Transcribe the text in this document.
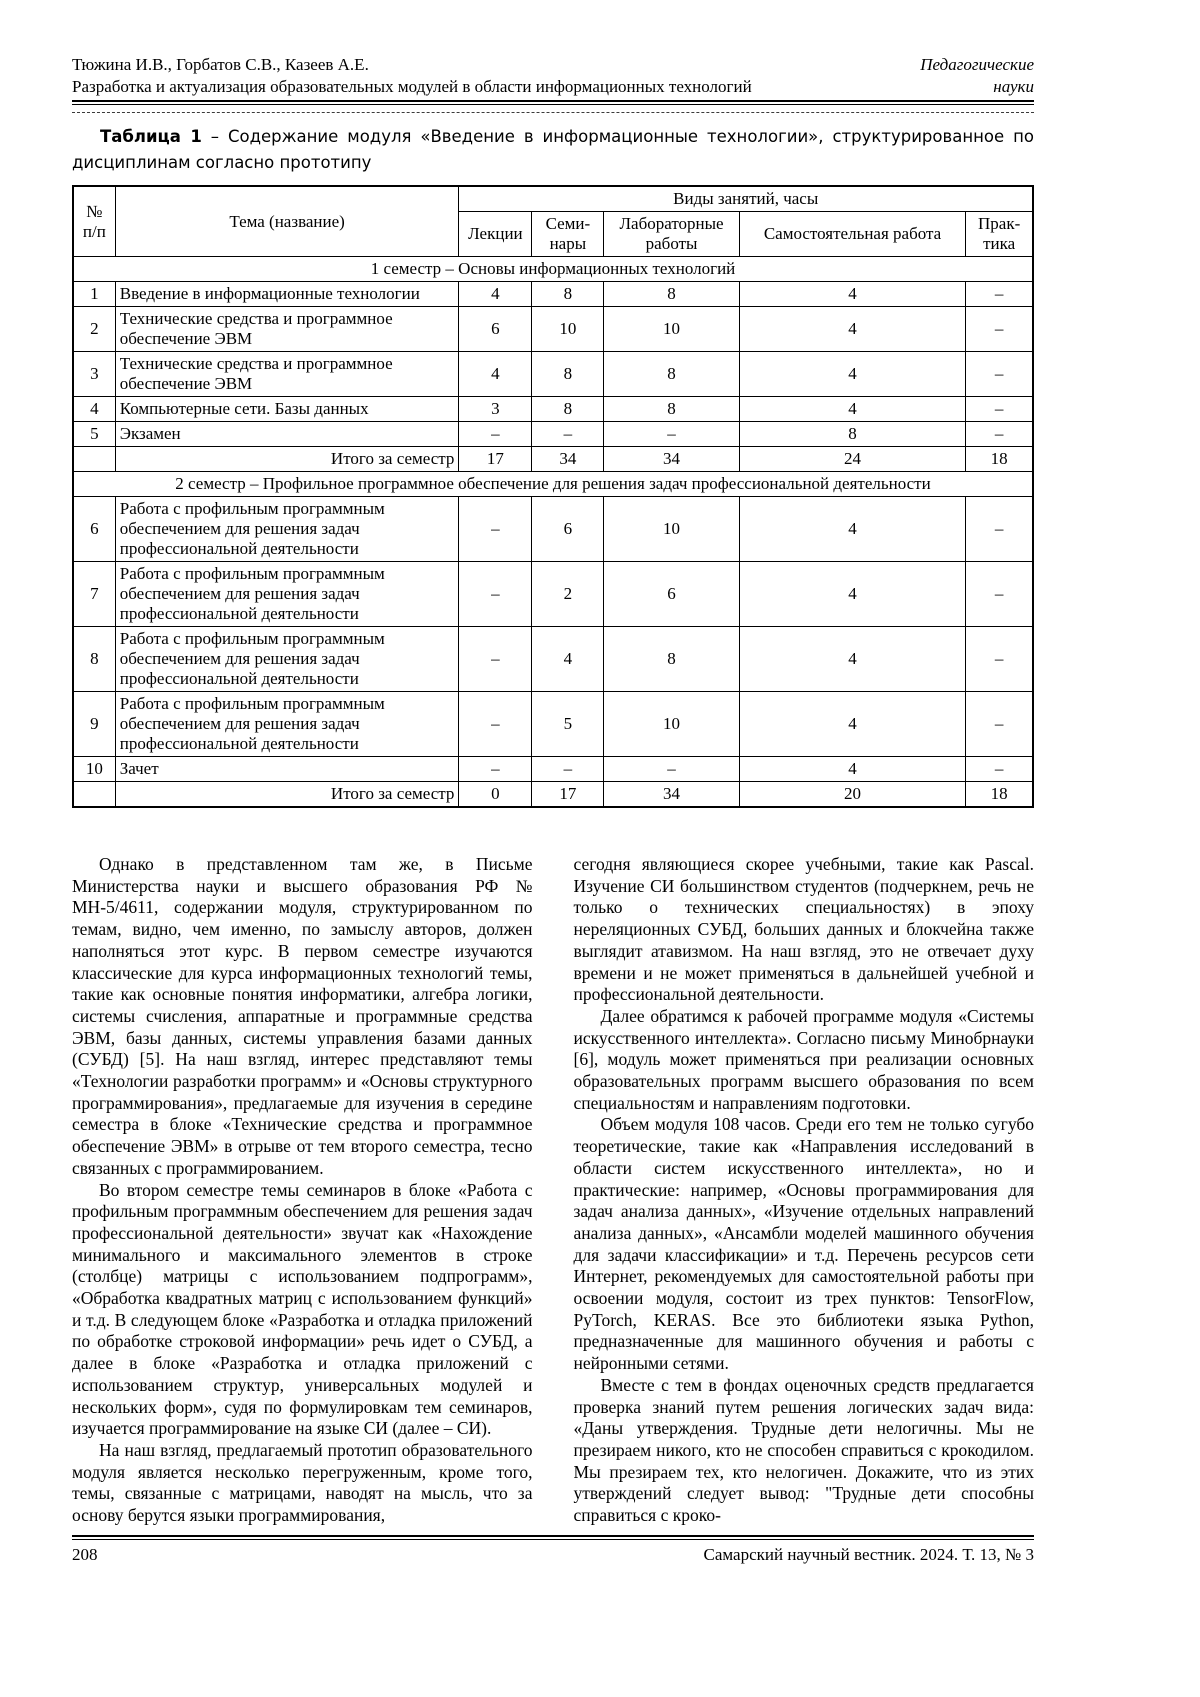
Тюжина И.В., Горбатов С.В., Казеев А.Е.
Разработка и актуализация образовательных модулей в области информационных технологий
Педагогические
науки

Таблица 1 – Содержание модуля «Введение в информационные технологии», структурированное по дисциплинам согласно прототипу

№ п/п	Тема (название)	Виды занятий, часы				
		Лекции	Семи-нары	Лабораторные работы	Самостоятельная работа	Прак-тика
1 семестр – Основы информационных технологий						
1	Введение в информационные технологии	4	8	8	4	–
2	Технические средства и программное обеспечение ЭВМ	6	10	10	4	–
3	Технические средства и программное обеспечение ЭВМ	4	8	8	4	–
4	Компьютерные сети. Базы данных	3	8	8	4	–
5	Экзамен	–	–	–	8	–
	Итого за семестр	17	34	34	24	18
2 семестр – Профильное программное обеспечение для решения задач профессиональной деятельности						
6	Работа с профильным программным обеспечением для решения задач профессиональной деятельности	–	6	10	4	–
7	Работа с профильным программным обеспечением для решения задач профессиональной деятельности	–	2	6	4	–
8	Работа с профильным программным обеспечением для решения задач профессиональной деятельности	–	4	8	4	–
9	Работа с профильным программным обеспечением для решения задач профессиональной деятельности	–	5	10	4	–
10	Зачет	–	–	–	4	–
	Итого за семестр	0	17	34	20	18

Однако в представленном там же, в Письме Министерства науки и высшего образования РФ № МН-5/4611, содержании модуля, структурированном по темам, видно, чем именно, по замыслу авторов, должен наполняться этот курс. В первом семестре изучаются классические для курса информационных технологий темы, такие как основные понятия информатики, алгебра логики, системы счисления, аппаратные и программные средства ЭВМ, базы данных, системы управления базами данных (СУБД) [5]. На наш взгляд, интерес представляют темы «Технологии разработки программ» и «Основы структурного программирования», предлагаемые для изучения в середине семестра в блоке «Технические средства и программное обеспечение ЭВМ» в отрыве от тем второго семестра, тесно связанных с программированием.

Во втором семестре темы семинаров в блоке «Работа с профильным программным обеспечением для решения задач профессиональной деятельности» звучат как «Нахождение минимального и максимального элементов в строке (столбце) матрицы с использованием подпрограмм», «Обработка квадратных матриц с использованием функций» и т.д. В следующем блоке «Разработка и отладка приложений по обработке строковой информации» речь идет о СУБД, а далее в блоке «Разработка и отладка приложений с использованием структур, универсальных модулей и нескольких форм», судя по формулировкам тем семинаров, изучается программирование на языке СИ (далее – СИ).

На наш взгляд, предлагаемый прототип образовательного модуля является несколько перегруженным, кроме того, темы, связанные с матрицами, наводят на мысль, что за основу берутся языки программирования,

сегодня являющиеся скорее учебными, такие как Pascal. Изучение СИ большинством студентов (подчеркнем, речь не только о технических специальностях) в эпоху нереляционных СУБД, больших данных и блокчейна также выглядит атавизмом. На наш взгляд, это не отвечает духу времени и не может применяться в дальнейшей учебной и профессиональной деятельности.

Далее обратимся к рабочей программе модуля «Системы искусственного интеллекта». Согласно письму Минобрнауки [6], модуль может применяться при реализации основных образовательных программ высшего образования по всем специальностям и направлениям подготовки.

Объем модуля 108 часов. Среди его тем не только сугубо теоретические, такие как «Направления исследований в области систем искусственного интеллекта», но и практические: например, «Основы программирования для задач анализа данных», «Изучение отдельных направлений анализа данных», «Ансамбли моделей машинного обучения для задачи классификации» и т.д. Перечень ресурсов сети Интернет, рекомендуемых для самостоятельной работы при освоении модуля, состоит из трех пунктов: TensorFlow, PyTorch, KERAS. Все это библиотеки языка Python, предназначенные для машинного обучения и работы с нейронными сетями.

Вместе с тем в фондах оценочных средств предлагается проверка знаний путем решения логических задач вида: «Даны утверждения. Трудные дети нелогичны. Мы не презираем никого, кто не способен справиться с крокодилом. Мы презираем тех, кто нелогичен. Докажите, что из этих утверждений следует вывод: "Трудные дети способны справиться с кроко-

208	Самарский научный вестник. 2024. Т. 13, № 3
